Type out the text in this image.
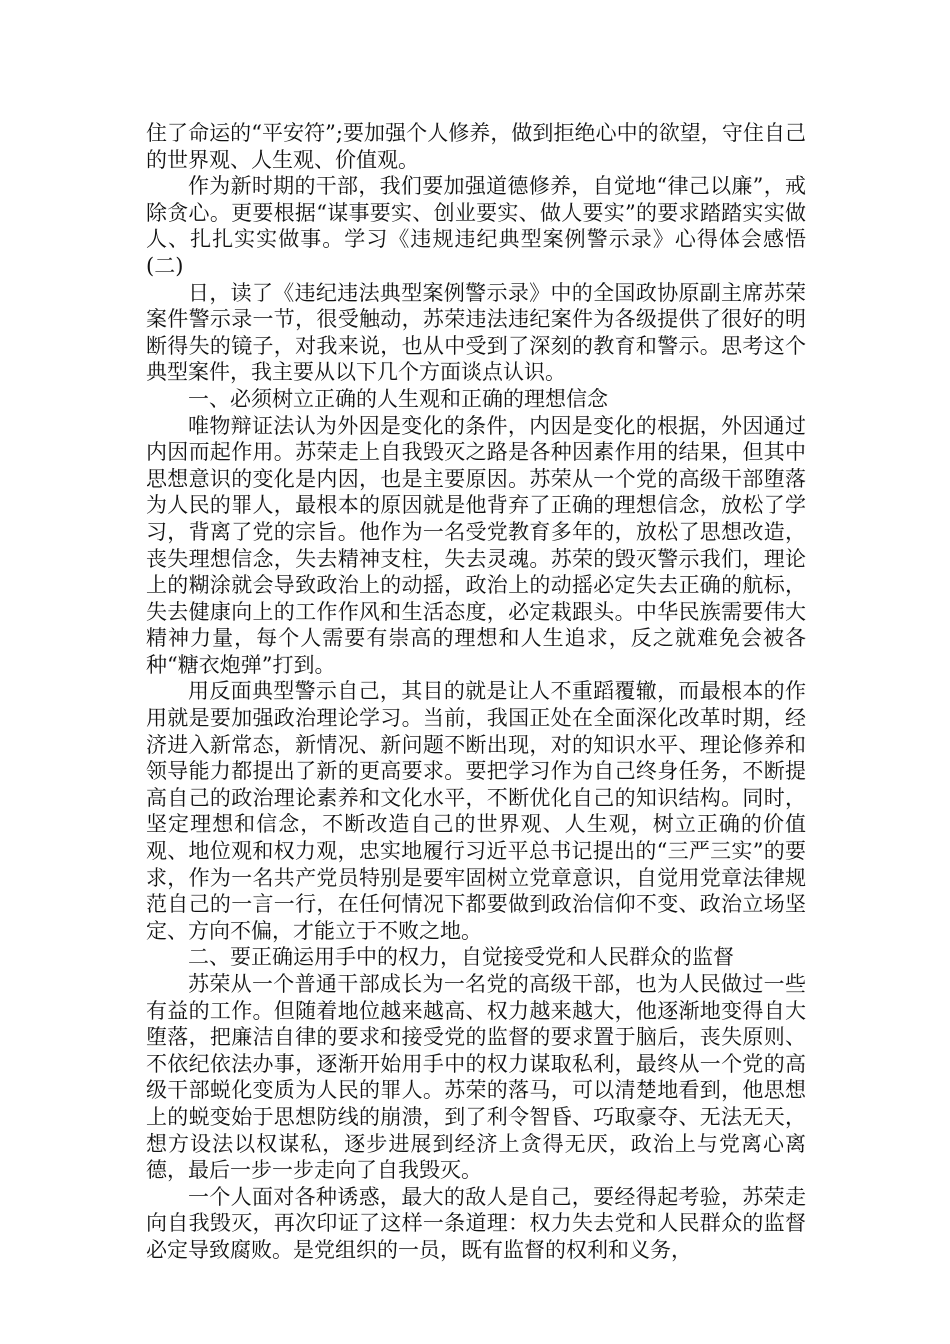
住了命运的“平安符”;要加强个人修养，做到拒绝心中的欲望，守住自己的世界观、人生观、价值观。

作为新时期的干部，我们要加强道德修养，自觉地“律己以廉”，戒除贪心。更要根据“谋事要实、创业要实、做人要实”的要求踏踏实实做人、扎扎实实做事。学习《违规违纪典型案例警示录》心得体会感悟(二)

日，读了《违纪违法典型案例警示录》中的全国政协原副主席苏荣案件警示录一节，很受触动，苏荣违法违纪案件为各级提供了很好的明断得失的镜子，对我来说，也从中受到了深刻的教育和警示。思考这个典型案件，我主要从以下几个方面谈点认识。

一、必须树立正确的人生观和正确的理想信念

唯物辩证法认为外因是变化的条件，内因是变化的根据，外因通过内因而起作用。苏荣走上自我毁灭之路是各种因素作用的结果，但其中思想意识的变化是内因，也是主要原因。苏荣从一个党的高级干部堕落为人民的罪人，最根本的原因就是他背弃了正确的理想信念，放松了学习，背离了党的宗旨。他作为一名受党教育多年的，放松了思想改造，丧失理想信念，失去精神支柱，失去灵魂。苏荣的毁灭警示我们，理论上的糊涂就会导致政治上的动摇，政治上的动摇必定失去正确的航标，失去健康向上的工作作风和生活态度，必定栽跟头。中华民族需要伟大精神力量，每个人需要有崇高的理想和人生追求，反之就难免会被各种“糖衣炮弹”打到。

用反面典型警示自己，其目的就是让人不重蹈覆辙，而最根本的作用就是要加强政治理论学习。当前，我国正处在全面深化改革时期，经济进入新常态，新情况、新问题不断出现，对的知识水平、理论修养和领导能力都提出了新的更高要求。要把学习作为自己终身任务，不断提高自己的政治理论素养和文化水平，不断优化自己的知识结构。同时，坚定理想和信念，不断改造自己的世界观、人生观，树立正确的价值观、地位观和权力观，忠实地履行习近平总书记提出的“三严三实”的要求，作为一名共产党员特别是要牢固树立党章意识，自觉用党章法律规范自己的一言一行，在任何情况下都要做到政治信仰不变、政治立场坚定、方向不偏，才能立于不败之地。

二、要正确运用手中的权力，自觉接受党和人民群众的监督

苏荣从一个普通干部成长为一名党的高级干部，也为人民做过一些有益的工作。但随着地位越来越高、权力越来越大，他逐渐地变得自大堕落，把廉洁自律的要求和接受党的监督的要求置于脑后，丧失原则、不依纪依法办事，逐渐开始用手中的权力谋取私利，最终从一个党的高级干部蜕化变质为人民的罪人。苏荣的落马，可以清楚地看到，他思想上的蜕变始于思想防线的崩溃，到了利令智昏、巧取豪夺、无法无天，想方设法以权谋私，逐步进展到经济上贪得无厌，政治上与党离心离德，最后一步一步走向了自我毁灭。

一个人面对各种诱惑，最大的敌人是自己，要经得起考验，苏荣走向自我毁灭，再次印证了这样一条道理：权力失去党和人民群众的监督必定导致腐败。是党组织的一员，既有监督的权利和义务，
